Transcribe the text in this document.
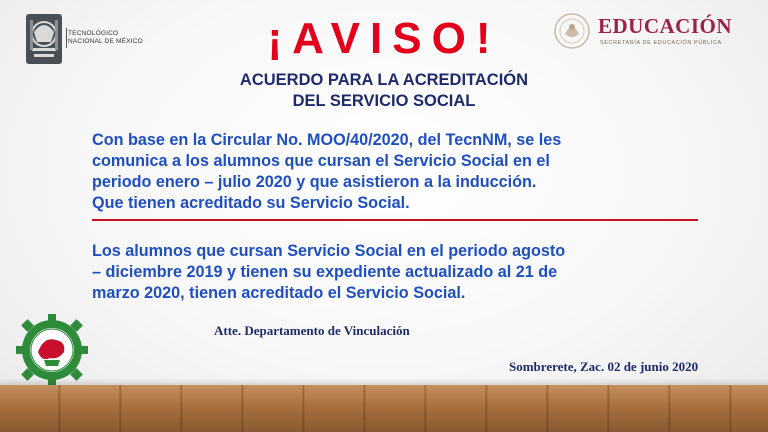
TECNOLÓGICO
NACIONAL DE MÉXICO
EDUCACIÓN
SECRETARÍA DE EDUCACIÓN PÚBLICA
¡AVISO!
ACUERDO PARA LA ACREDITACIÓN
DEL SERVICIO SOCIAL
Con base en la Circular No. MOO/40/2020, del TecnNM, se les
comunica a los alumnos que cursan el Servicio Social en el
periodo enero – julio 2020 y que asistieron a la inducción.
Que tienen acreditado su Servicio Social.
Los alumnos que cursan Servicio Social en el periodo agosto
– diciembre 2019 y tienen su expediente actualizado al 21 de
marzo 2020, tienen acreditado el Servicio Social.
Atte. Departamento de Vinculación
Sombrerete, Zac. 02 de junio 2020
